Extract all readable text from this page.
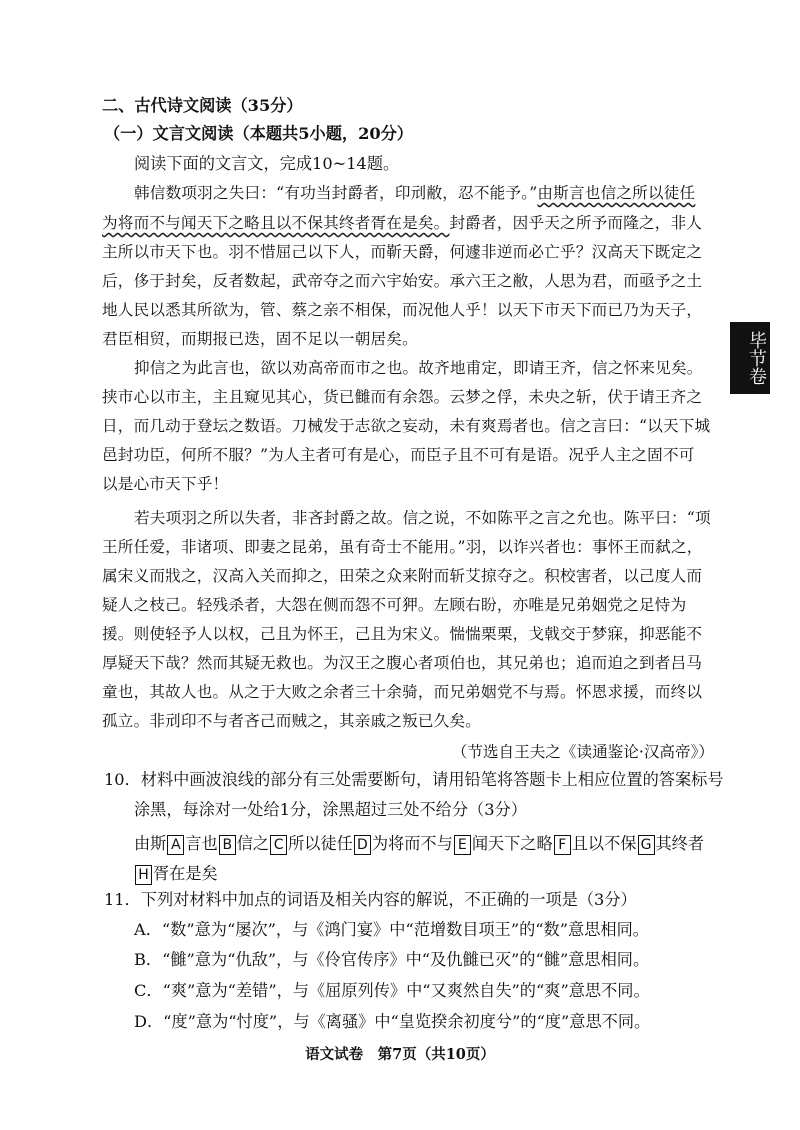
二、古代诗文阅读（35分）
（一）文言文阅读（本题共5小题，20分）
阅读下面的文言文，完成10~14题。
韩信数项羽之失曰：“有功当封爵者，印刓敝，忍不能予。”由斯言也信之所以徒任
为将而不与闻天下之略且以不保其终者胥在是矣。封爵者，因乎天之所予而隆之，非人
主所以市天下也。羽不惜屈己以下人，而靳天爵，何遽非逆而必亡乎？汉高天下既定之
后，侈于封矣，反者数起，武帝夺之而六宇始安。承六王之敝，人思为君，而亟予之土
地人民以悉其所欲为，管、蔡之亲不相保，而况他人乎！以天下市天下而已乃为天子，
君臣相贸，而期报已迭，固不足以一朝居矣。
抑信之为此言也，欲以劝高帝而市之也。故齐地甫定，即请王齐，信之怀来见矣。
挟市心以市主，主且窥见其心，货已雠而有余怨。云梦之俘，未央之斩，伏于请王齐之
日，而几动于登坛之数语。刀械发于志欲之妄动，未有爽焉者也。信之言曰：“以天下城
邑封功臣，何所不服？”为人主者可有是心，而臣子且不可有是语。况乎人主之固不可
以是心市天下乎！
若夫项羽之所以失者，非吝封爵之故。信之说，不如陈平之言之允也。陈平曰：“项
王所任爱，非诸项、即妻之昆弟，虽有奇士不能用。”羽，以诈兴者也：事怀王而弑之，
属宋义而戕之，汉高入关而抑之，田荣之众来附而斩艾掠夺之。积校害者，以己度人而
疑人之枝己。轻残杀者，大怨在侧而怨不可狎。左顾右盼，亦唯是兄弟姻党之足恃为
援。则使轻予人以权，己且为怀王，己且为宋义。惴惴栗栗，戈戟交于梦寐，抑恶能不
厚疑天下哉？然而其疑无救也。为汉王之腹心者项伯也，其兄弟也；追而迫之到者吕马
童也，其故人也。从之于大败之余者三十余骑，而兄弟姻党不与焉。怀恩求援，而终以
孤立。非刓印不与者吝己而贼之，其亲戚之叛已久矣。
（节选自王夫之《读通鉴论·汉高帝》）
10．材料中画波浪线的部分有三处需要断句，请用铅笔将答题卡上相应位置的答案标号
涂黑，每涂对一处给1分，涂黑超过三处不给分（3分）
由斯 A 言也 B 信之 C 所以徒任 D 为将而不与 E 闻天下之略 F 且以不保 G 其终者
H 胥在是矣
11．下列对材料中加点的词语及相关内容的解说，不正确的一项是（3分）
A．“数”意为“屡次”，与《鸿门宴》中“范增数目项王”的“数”意思相同。
B．“雠”意为“仇敌”，与《伶官传序》中“及仇雠已灭”的“雠”意思相同。
C．“爽”意为“差错”，与《屈原列传》中“又爽然自失”的“爽”意思不同。
D．“度”意为“忖度”，与《离骚》中“皇览揆余初度兮”的“度”意思不同。
毕节卷
语文试卷　第7页（共10页）
